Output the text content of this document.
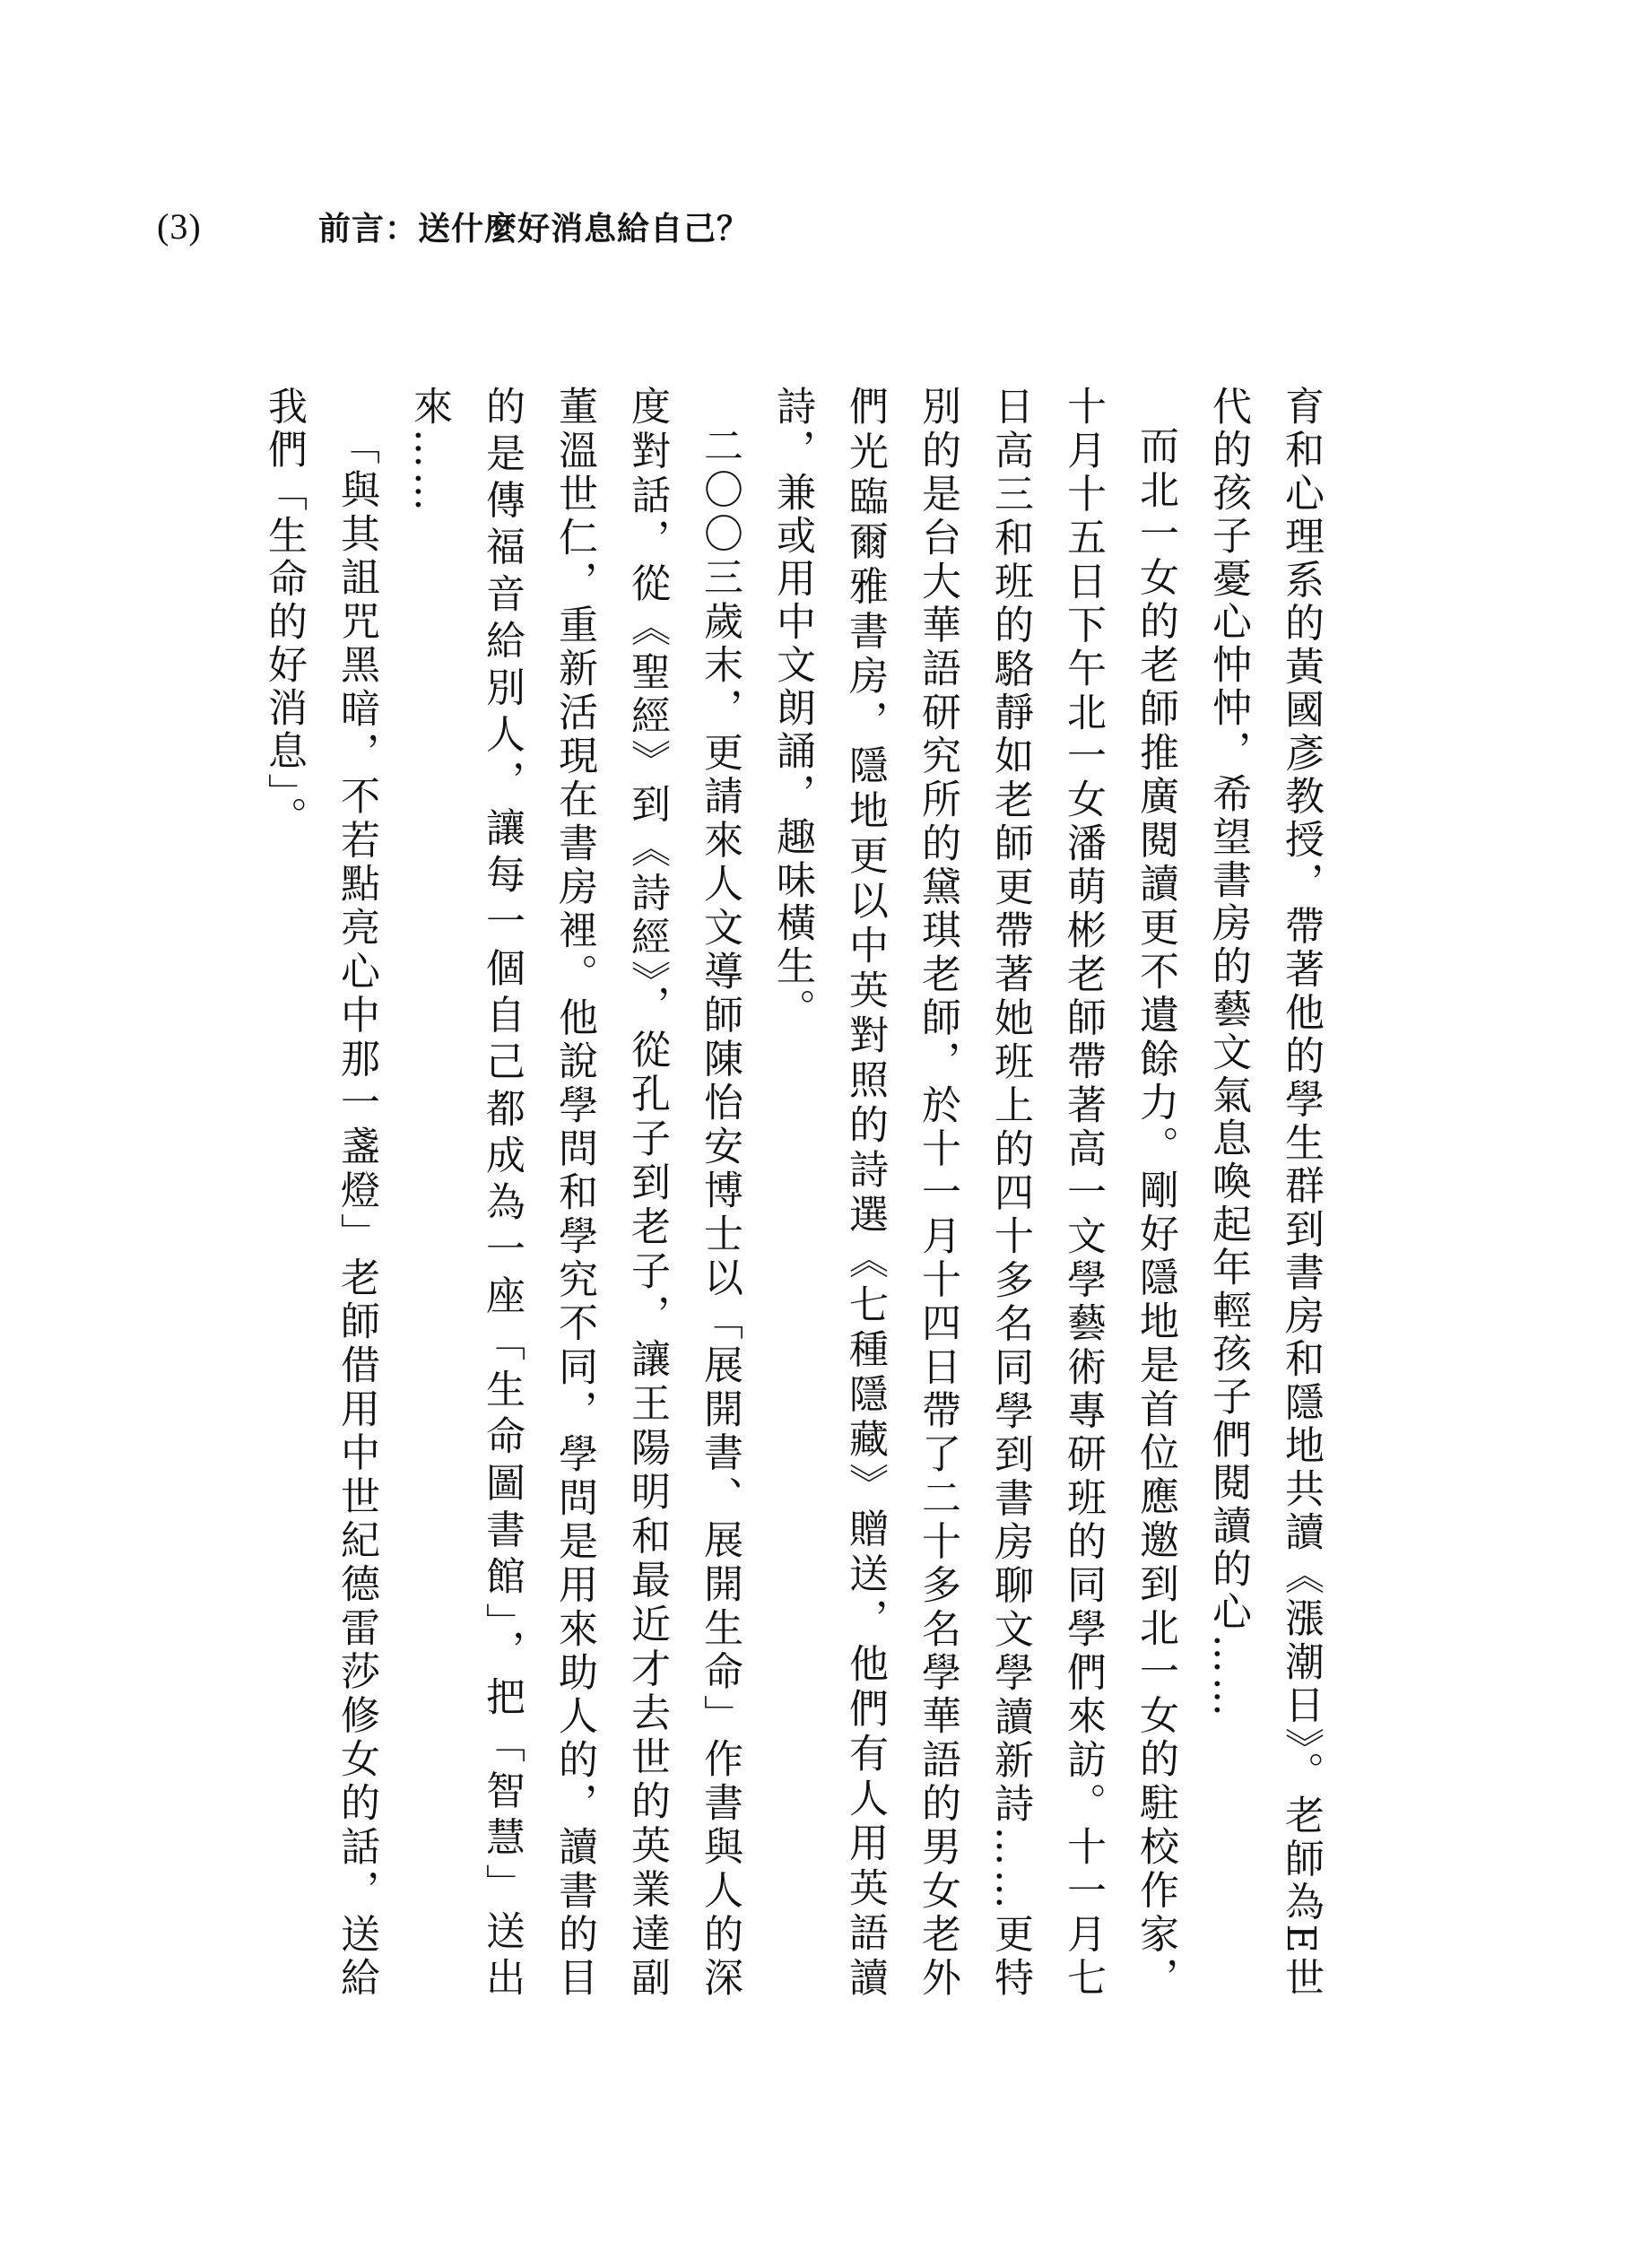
(3)	前言：送什麼好消息給自己？

育和心理系的黃國彥教授，帶著他的學生群到書房和隱地共讀《漲潮日》。老師為E世代的孩子憂心忡忡，希望書房的藝文氣息喚起年輕孩子們閱讀的心……

而北一女的老師推廣閱讀更不遺餘力。剛好隱地是首位應邀到北一女的駐校作家，十月十五日下午北一女潘萌彬老師帶著高一文學藝術專研班的同學們來訪。十一月七日高三和班的駱靜如老師更帶著她班上的四十多名同學到書房聊文學讀新詩……更特別的是台大華語研究所的黛琪老師，於十一月十四日帶了二十多名學華語的男女老外們光臨爾雅書房，隱地更以中英對照的詩選《七種隱藏》贈送，他們有人用英語讀詩，兼或用中文朗誦，趣味橫生。

二〇〇三歲末，更請來人文導師陳怡安博士以「展開書、展開生命」作書與人的深度對話，從《聖經》到《詩經》，從孔子到老子，讓王陽明和最近才去世的英業達副董溫世仁，重新活現在書房裡。他說學問和學究不同，學問是用來助人的，讀書的目的是傳福音給別人，讓每一個自己都成為一座「生命圖書館」，把「智慧」送出來……

「與其詛咒黑暗，不若點亮心中那一盞燈」老師借用中世紀德雷莎修女的話，送給我們「生命的好消息」。
